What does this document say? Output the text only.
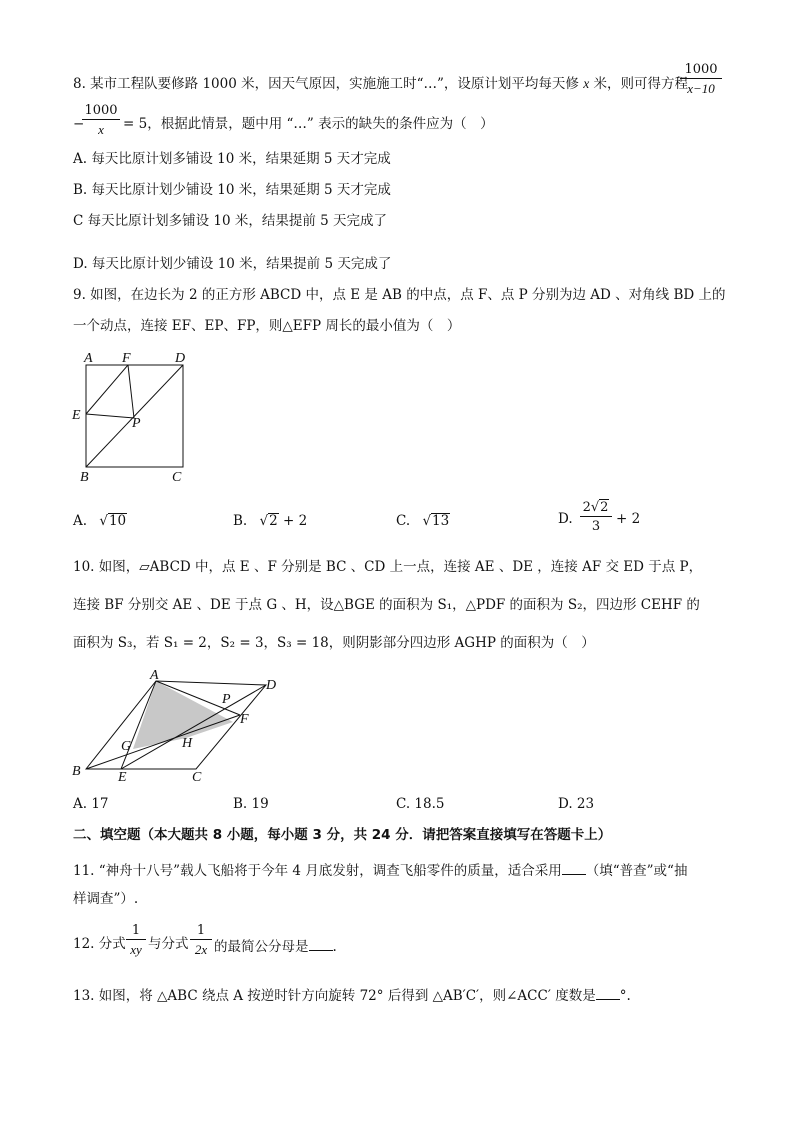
8. 某市工程队要修路 1000 米，因天气原因，实施施工时“…”，设原计划平均每天修 x 米，则可得方程
$\frac{1000}{x-10}$
−
$\frac{1000}{x} = 5$，根据此情景，题中用 “…” 表示的缺失的条件应为（　）
A. 每天比原计划多铺设 10 米，结果延期 5 天才完成
B. 每天比原计划少铺设 10 米，结果延期 5 天才完成
C 每天比原计划多铺设 10 米，结果提前 5 天完成了
D. 每天比原计划少铺设 10 米，结果提前 5 天完成了
9. 如图，在边长为 2 的正方形 ABCD 中，点 E 是 AB 的中点，点 F、点 P 分别为边 AD 、对角线 BD 上的
一个动点，连接 EF、EP、FP，则△EFP 周长的最小值为（　）
A F	D
E
P
B	C
A. √10	B. √2 + 2	C. √13	D. $\frac{2√2}{3} + 2$
10. 如图，▱ABCD 中，点 E 、F 分别是 BC 、CD 上一点，连接 AE 、DE ，连接 AF 交 ED 于点 P，
连接 BF 分别交 AE 、DE 于点 G 、H，设△BGE 的面积为 S₁，△PDF 的面积为 S₂，四边形 CEHF 的
面积为 S₃，若 S₁ = 2，S₂ = 3，S₃ = 18，则阴影部分四边形 AGHP 的面积为（　）
A
P
D
F
G	H
B	E	C
A. 17	B. 19	C. 18.5	D. 23
二、填空题（本大题共 8 小题，每小题 3 分，共 24 分．请把答案直接填写在答题卡上）
11. “神舟十八号”载人飞船将于今年 4 月底发射，调查飞船零件的质量，适合采用 （填“普查”或“抽
样调查”）.
12. 分式 $\frac{1}{xy}$ 与分式 $\frac{1}{2x}$ 的最简公分母是 .
13. 如图，将 △ABC 绕点 A 按逆时针方向旋转 72° 后得到 △AB′C′，则∠ACC′ 度数是 °.
